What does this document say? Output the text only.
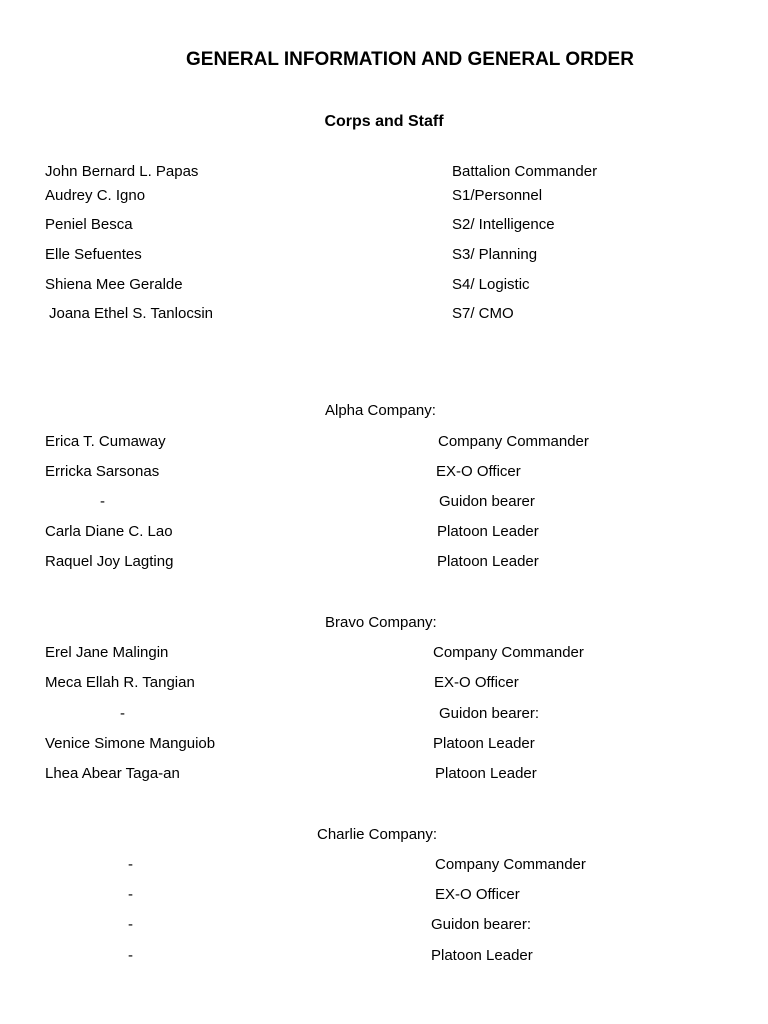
GENERAL INFORMATION AND GENERAL ORDER
Corps and Staff
John Bernard L. Papas	Battalion Commander
Audrey C. Igno	S1/Personnel
Peniel Besca	S2/ Intelligence
Elle Sefuentes	S3/ Planning
Shiena Mee Geralde	S4/ Logistic
Joana Ethel S. Tanlocsin	S7/ CMO
Alpha Company:
Erica T. Cumaway	Company Commander
Erricka Sarsonas	EX-O Officer
-	Guidon bearer
Carla Diane C. Lao	Platoon Leader
Raquel Joy Lagting	Platoon Leader
Bravo Company:
Erel Jane Malingin	Company Commander
Meca Ellah R. Tangian	EX-O Officer
-	Guidon bearer:
Venice Simone Manguiob	Platoon Leader
Lhea Abear Taga-an	Platoon Leader
Charlie Company:
-	Company Commander
-	EX-O Officer
-	Guidon bearer:
-	Platoon Leader
